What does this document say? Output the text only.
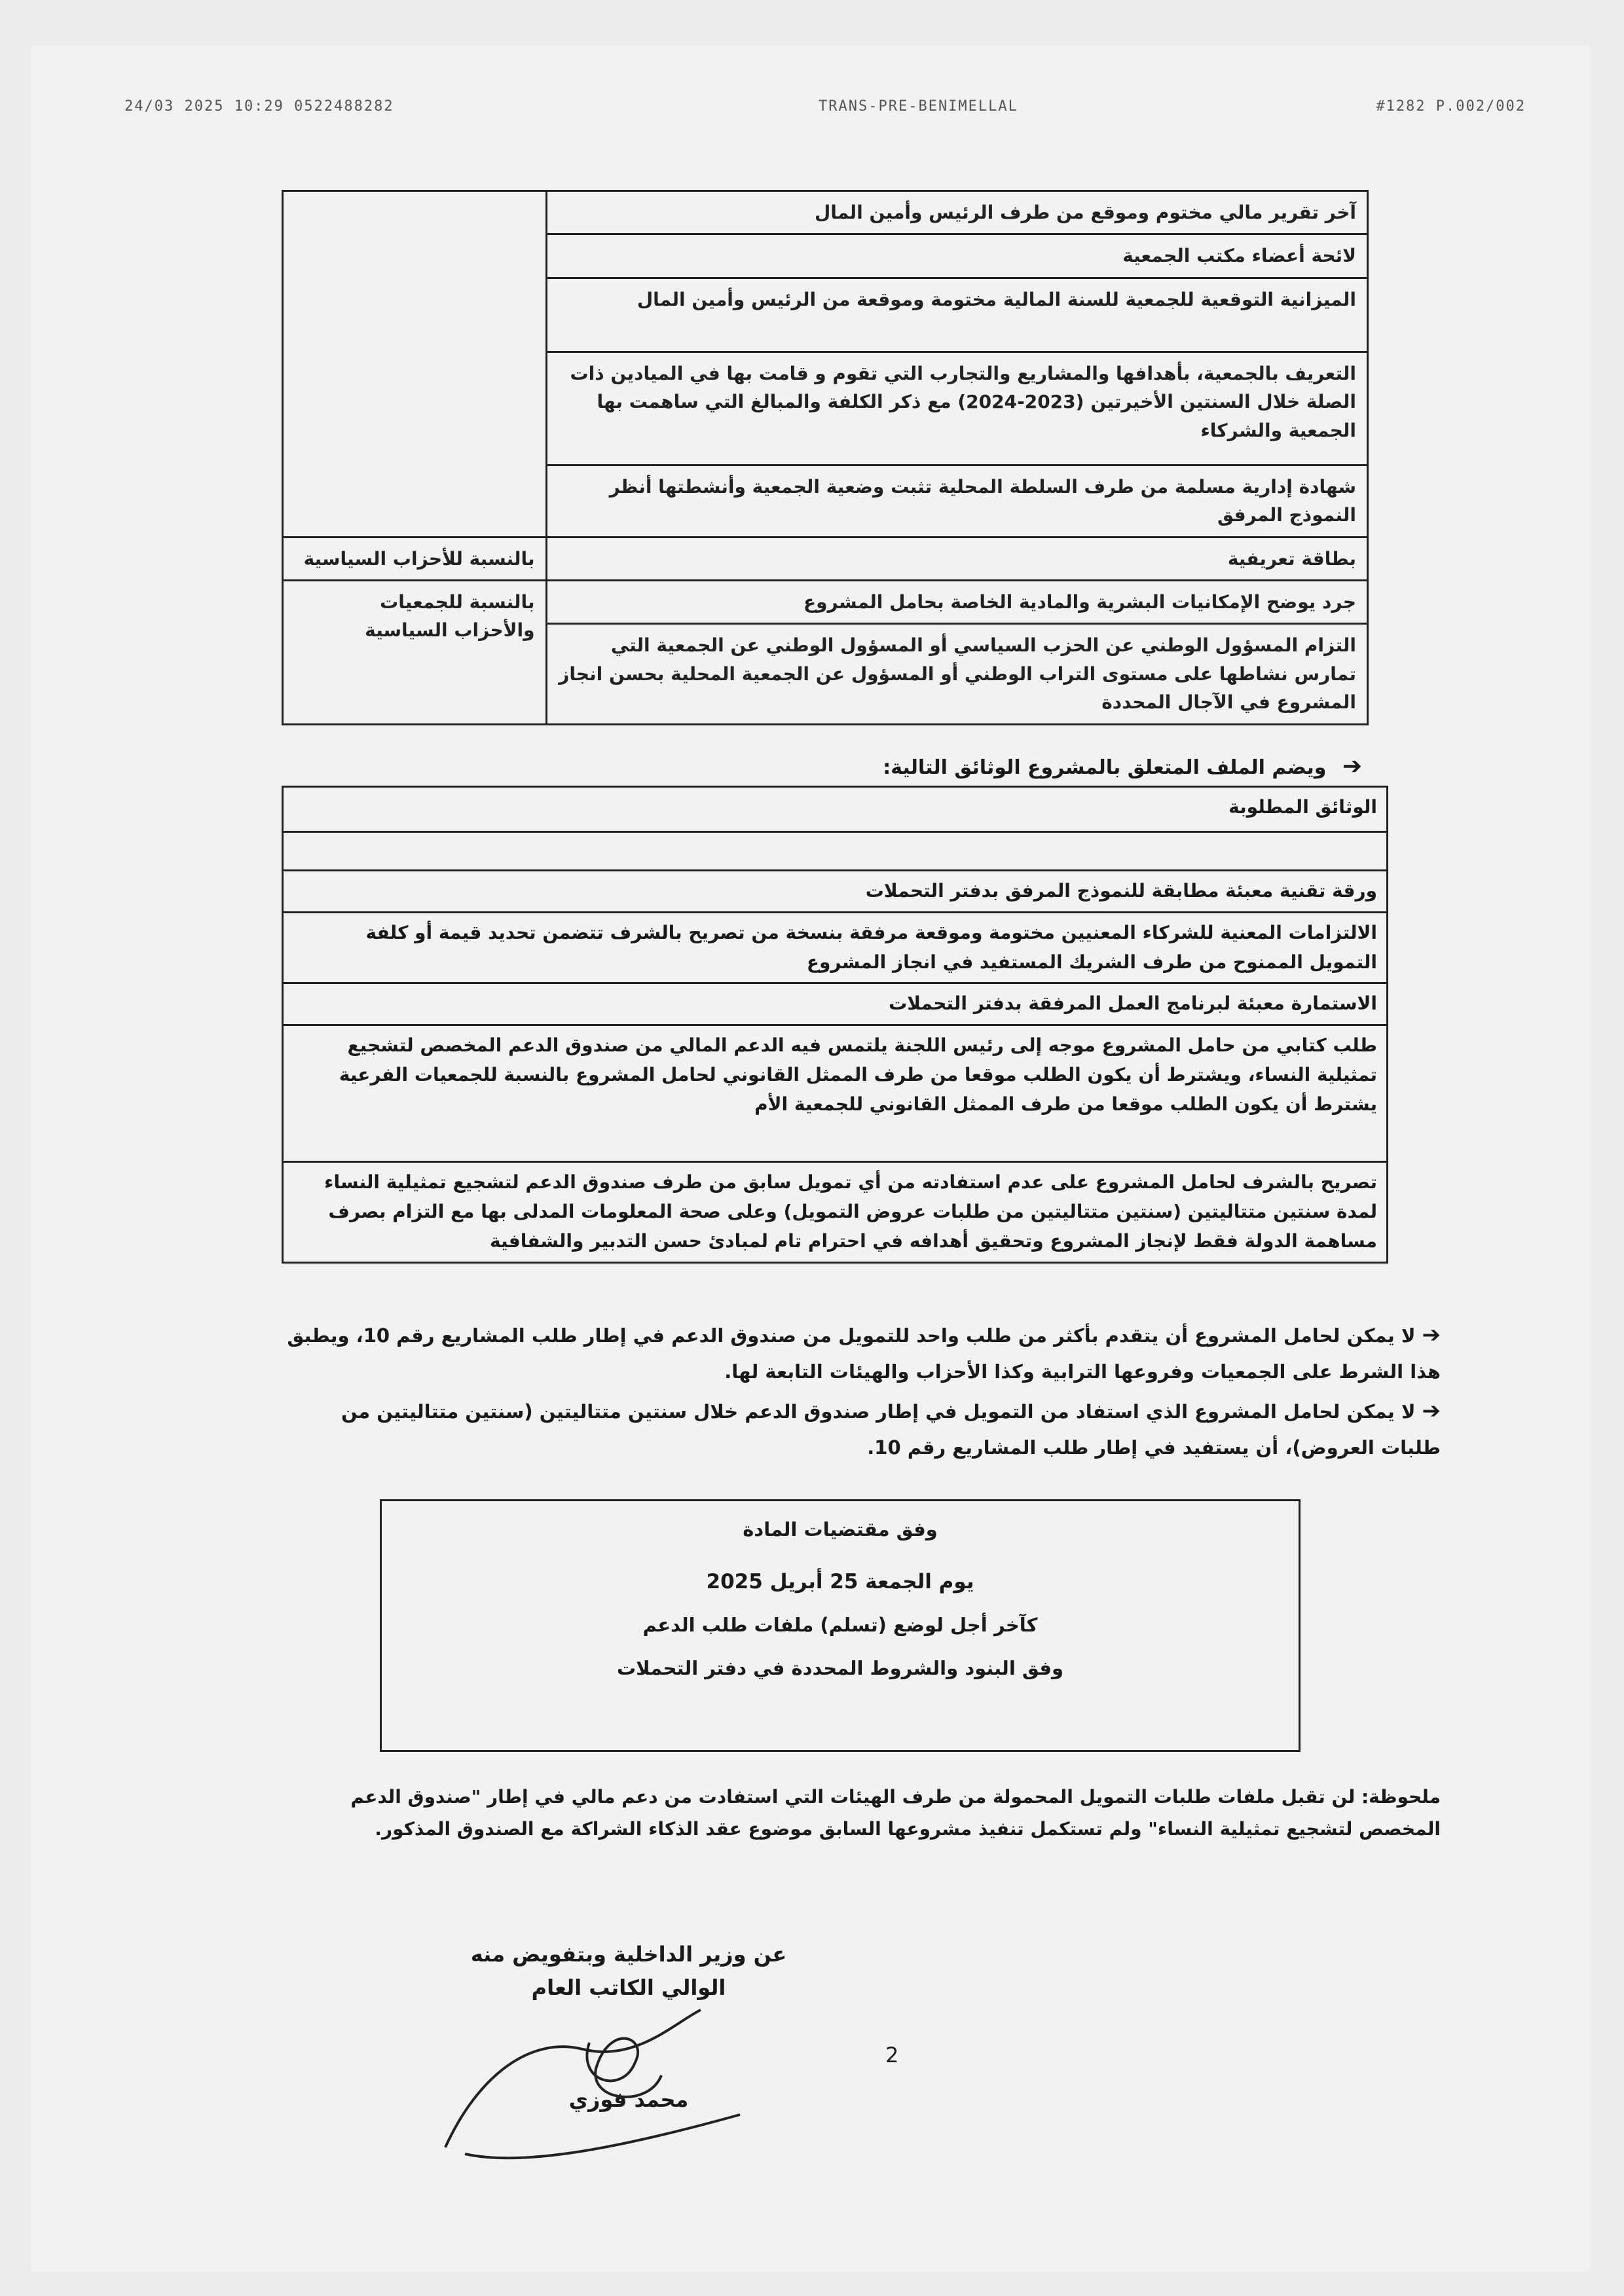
24/03 2025 10:29 0522488282	TRANS-PRE-BENIMELLAL	#1282 P.002/002
آخر تقرير مالي مختوم وموقع من طرف الرئيس وأمين المال	
لائحة أعضاء مكتب الجمعية	
الميزانية التوقعية للجمعية للسنة المالية مختومة وموقعة من الرئيس وأمين المال	
التعريف بالجمعية، بأهدافها والمشاريع والتجارب التي تقوم و قامت بها في الميادين ذات الصلة خلال السنتين الأخيرتين (2023-2024) مع ذكر الكلفة والمبالغ التي ساهمت بها الجمعية والشركاء	
شهادة إدارية مسلمة من طرف السلطة المحلية تثبت وضعية الجمعية وأنشطتها أنظر النموذج المرفق	
بطاقة تعريفية	بالنسبة للأحزاب السياسية
جرد يوضح الإمكانيات البشرية والمادية الخاصة بحامل المشروع	بالنسبة للجمعيات والأحزاب السياسية
التزام المسؤول الوطني عن الحزب السياسي أو المسؤول الوطني عن الجمعية التي تمارس نشاطها على مستوى التراب الوطني أو المسؤول عن الجمعية المحلية بحسن انجاز المشروع في الآجال المحددة	
➔ ويضم الملف المتعلق بالمشروع الوثائق التالية:
الوثائق المطلوبة

ورقة تقنية معبئة مطابقة للنموذج المرفق بدفتر التحملات
الالتزامات المعنية للشركاء المعنيين مختومة وموقعة مرفقة بنسخة من تصريح بالشرف تتضمن تحديد قيمة أو كلفة التمويل الممنوح من طرف الشريك المستفيد في انجاز المشروع
الاستمارة معبئة لبرنامج العمل المرفقة بدفتر التحملات
طلب كتابي من حامل المشروع موجه إلى رئيس اللجنة يلتمس فيه الدعم المالي من صندوق الدعم المخصص لتشجيع تمثيلية النساء، ويشترط أن يكون الطلب موقعا من طرف الممثل القانوني لحامل المشروع بالنسبة للجمعيات الفرعية يشترط أن يكون الطلب موقعا من طرف الممثل القانوني للجمعية الأم
تصريح بالشرف لحامل المشروع على عدم استفادته من أي تمويل سابق من طرف صندوق الدعم لتشجيع تمثيلية النساء لمدة سنتين متتاليتين (سنتين متتاليتين من طلبات عروض التمويل) وعلى صحة المعلومات المدلى بها مع التزام بصرف مساهمة الدولة فقط لإنجاز المشروع وتحقيق أهدافه في احترام تام لمبادئ حسن التدبير والشفافية

➔لا يمكن لحامل المشروع أن يتقدم بأكثر من طلب واحد للتمويل من صندوق الدعم في إطار طلب المشاريع رقم 10، ويطبق هذا الشرط على الجمعيات وفروعها الترابية وكذا الأحزاب والهيئات التابعة لها.

➔لا يمكن لحامل المشروع الذي استفاد من التمويل في إطار صندوق الدعم خلال سنتين متتاليتين (سنتين متتاليتين من طلبات العروض)، أن يستفيد في إطار طلب المشاريع رقم 10.

وفق مقتضيات المادة
يوم الجمعة 25 أبريل 2025
كآخر أجل لوضع (تسلم) ملفات طلب الدعم
وفق البنود والشروط المحددة في دفتر التحملات
ملحوظة: لن تقبل ملفات طلبات التمويل المحمولة من طرف الهيئات التي استفادت من دعم مالي في إطار "صندوق الدعم المخصص لتشجيع تمثيلية النساء" ولم تستكمل تنفيذ مشروعها السابق موضوع عقد الذكاء الشراكة مع الصندوق المذكور.
عن وزير الداخلية وبتفويض منه
الوالي الكاتب العام
محمد فوزي
2
